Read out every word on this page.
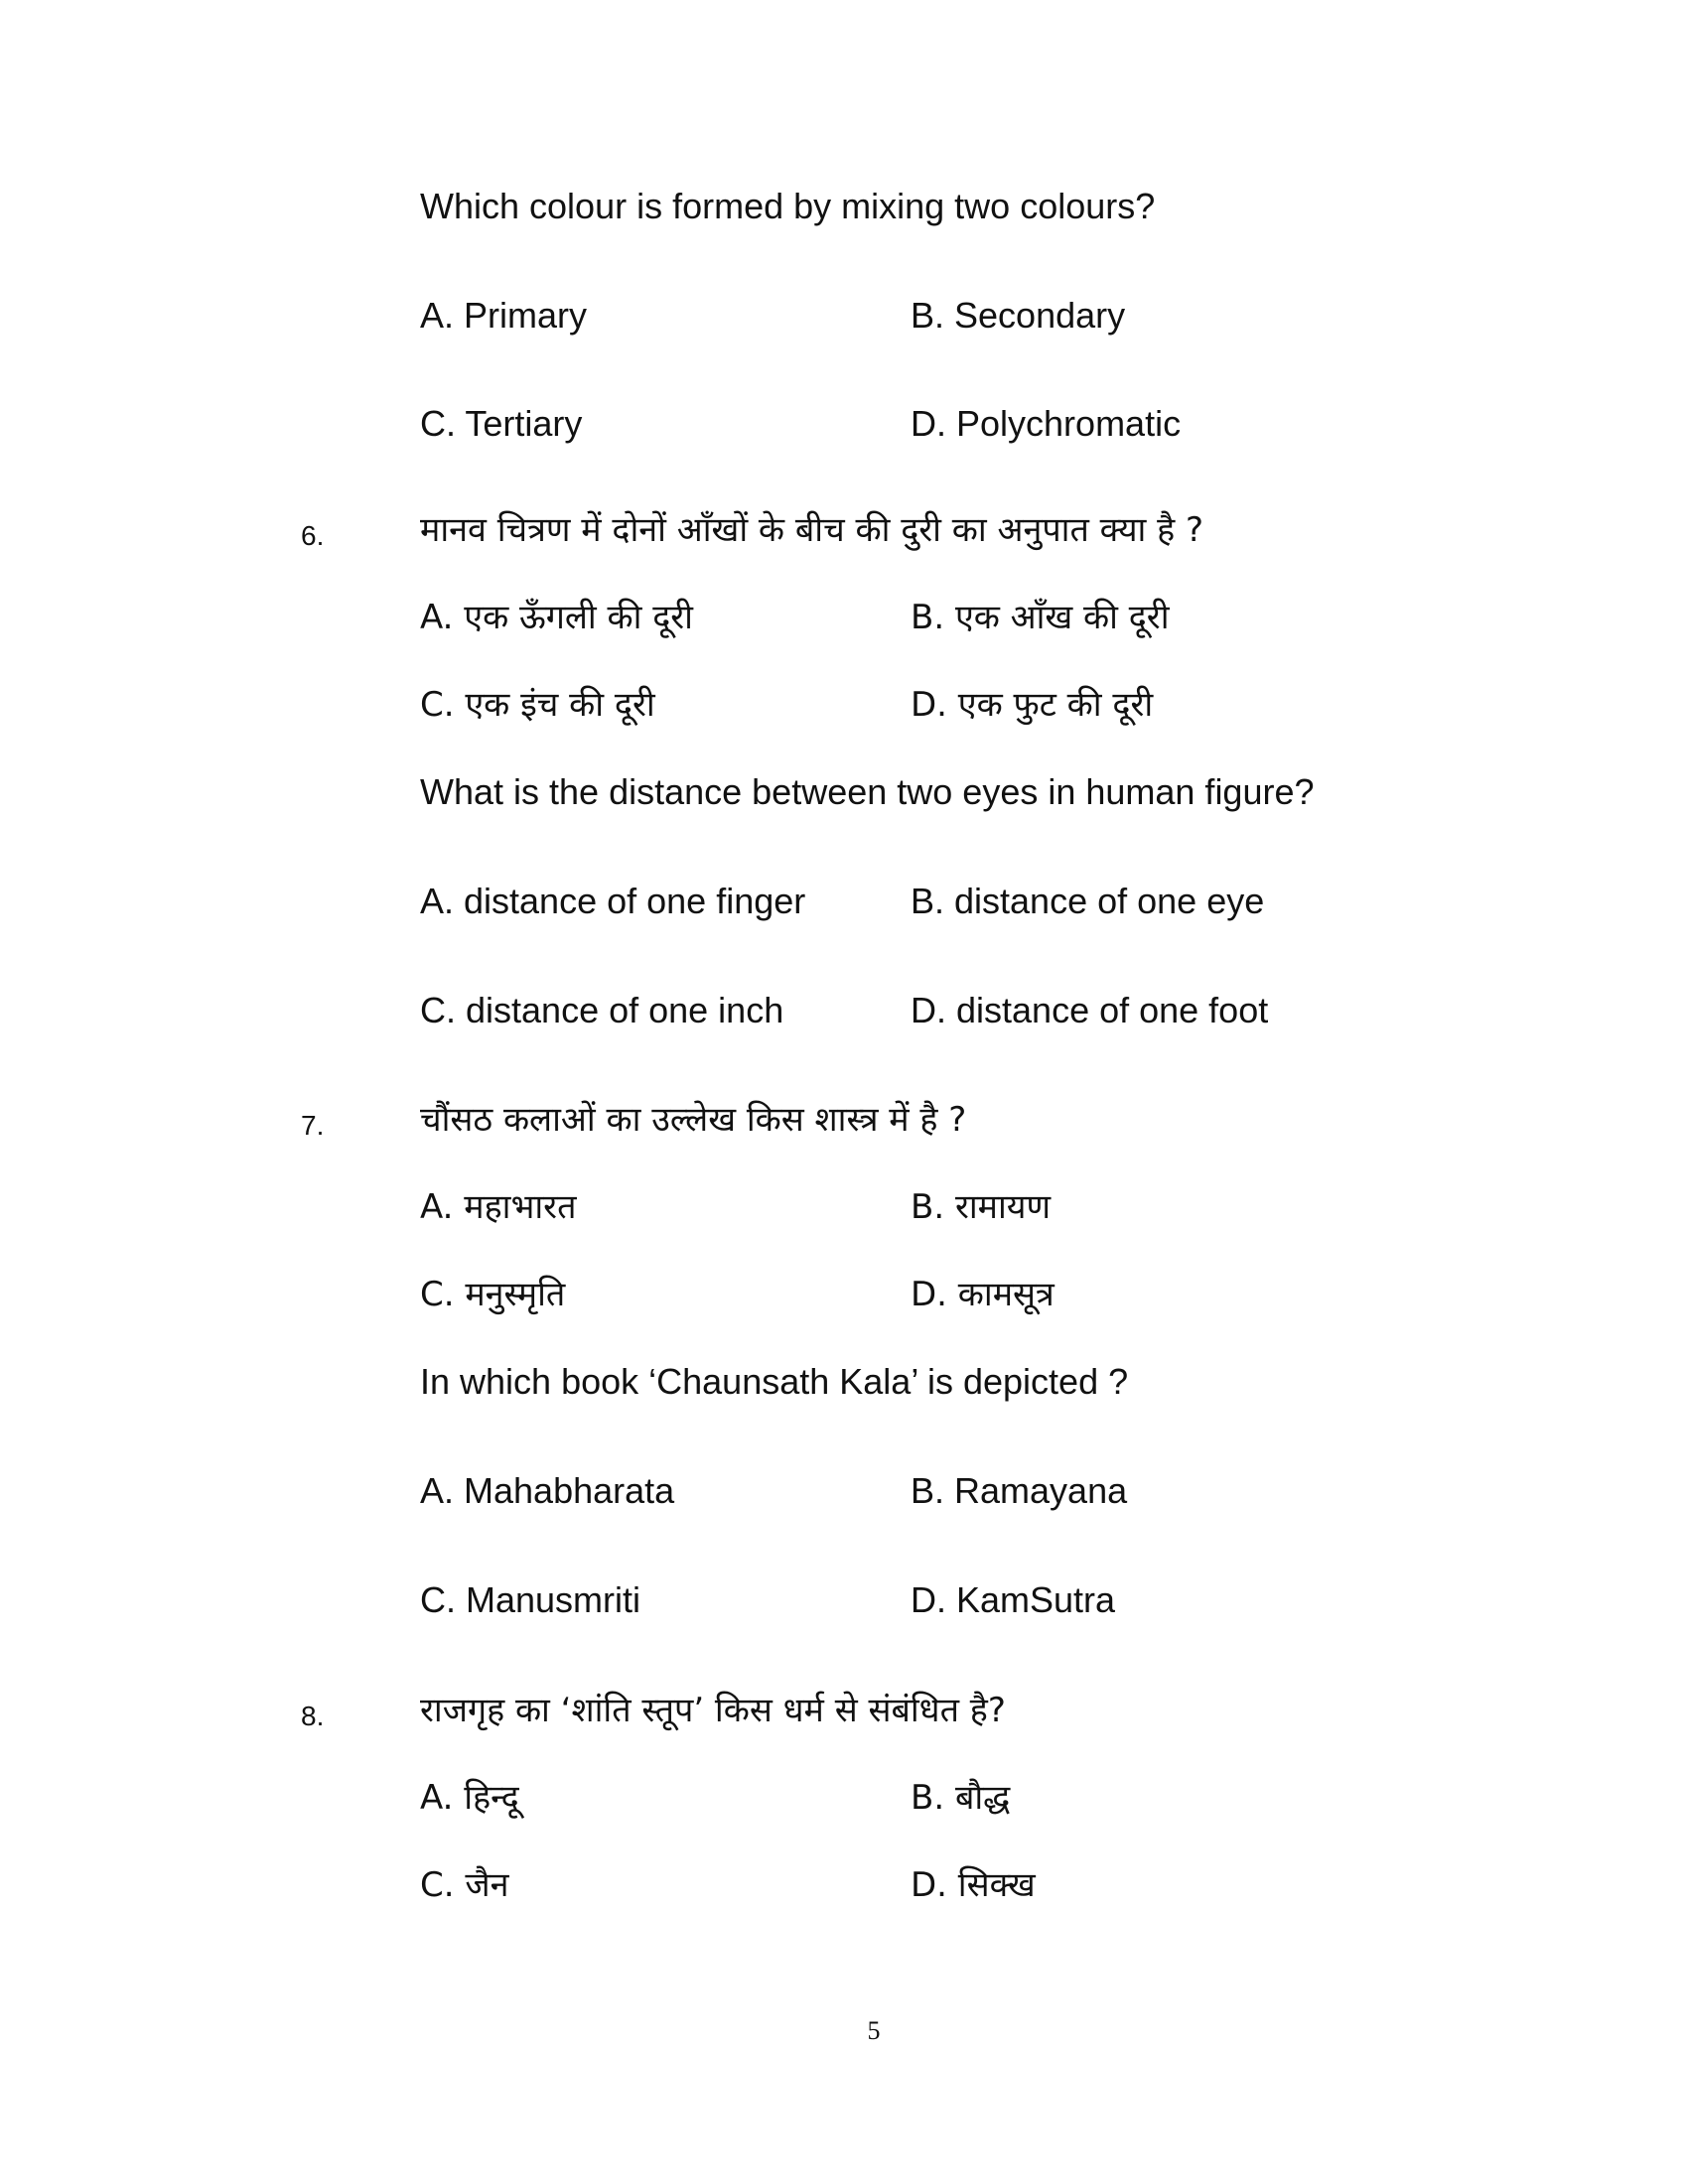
Which colour is formed by mixing two colours?
A. Primary	B. Secondary
C. Tertiary	D. Polychromatic
6.	मानव चित्रण में दोनों आँखों के बीच की दुरी का अनुपात क्या है ?
A. एक ऊँगली की दूरी	B. एक आँख की दूरी
C. एक इंच की दूरी	D. एक फुट की दूरी
What is the distance between two eyes in human figure?
A. distance of one finger	B. distance of one eye
C. distance of one inch	D. distance of one foot
7.	चौंसठ कलाओं का उल्लेख किस शास्त्र में है ?
A. महाभारत	B. रामायण
C. मनुस्मृति	D. कामसूत्र
In which book ‘Chaunsath Kala’ is depicted ?
A. Mahabharata	B. Ramayana
C. Manusmriti	D. KamSutra
8.	राजगृह का ‘शांति स्तूप’ किस धर्म से संबंधित है?
A. हिन्दू	B. बौद्ध
C. जैन	D. सिक्ख
5
